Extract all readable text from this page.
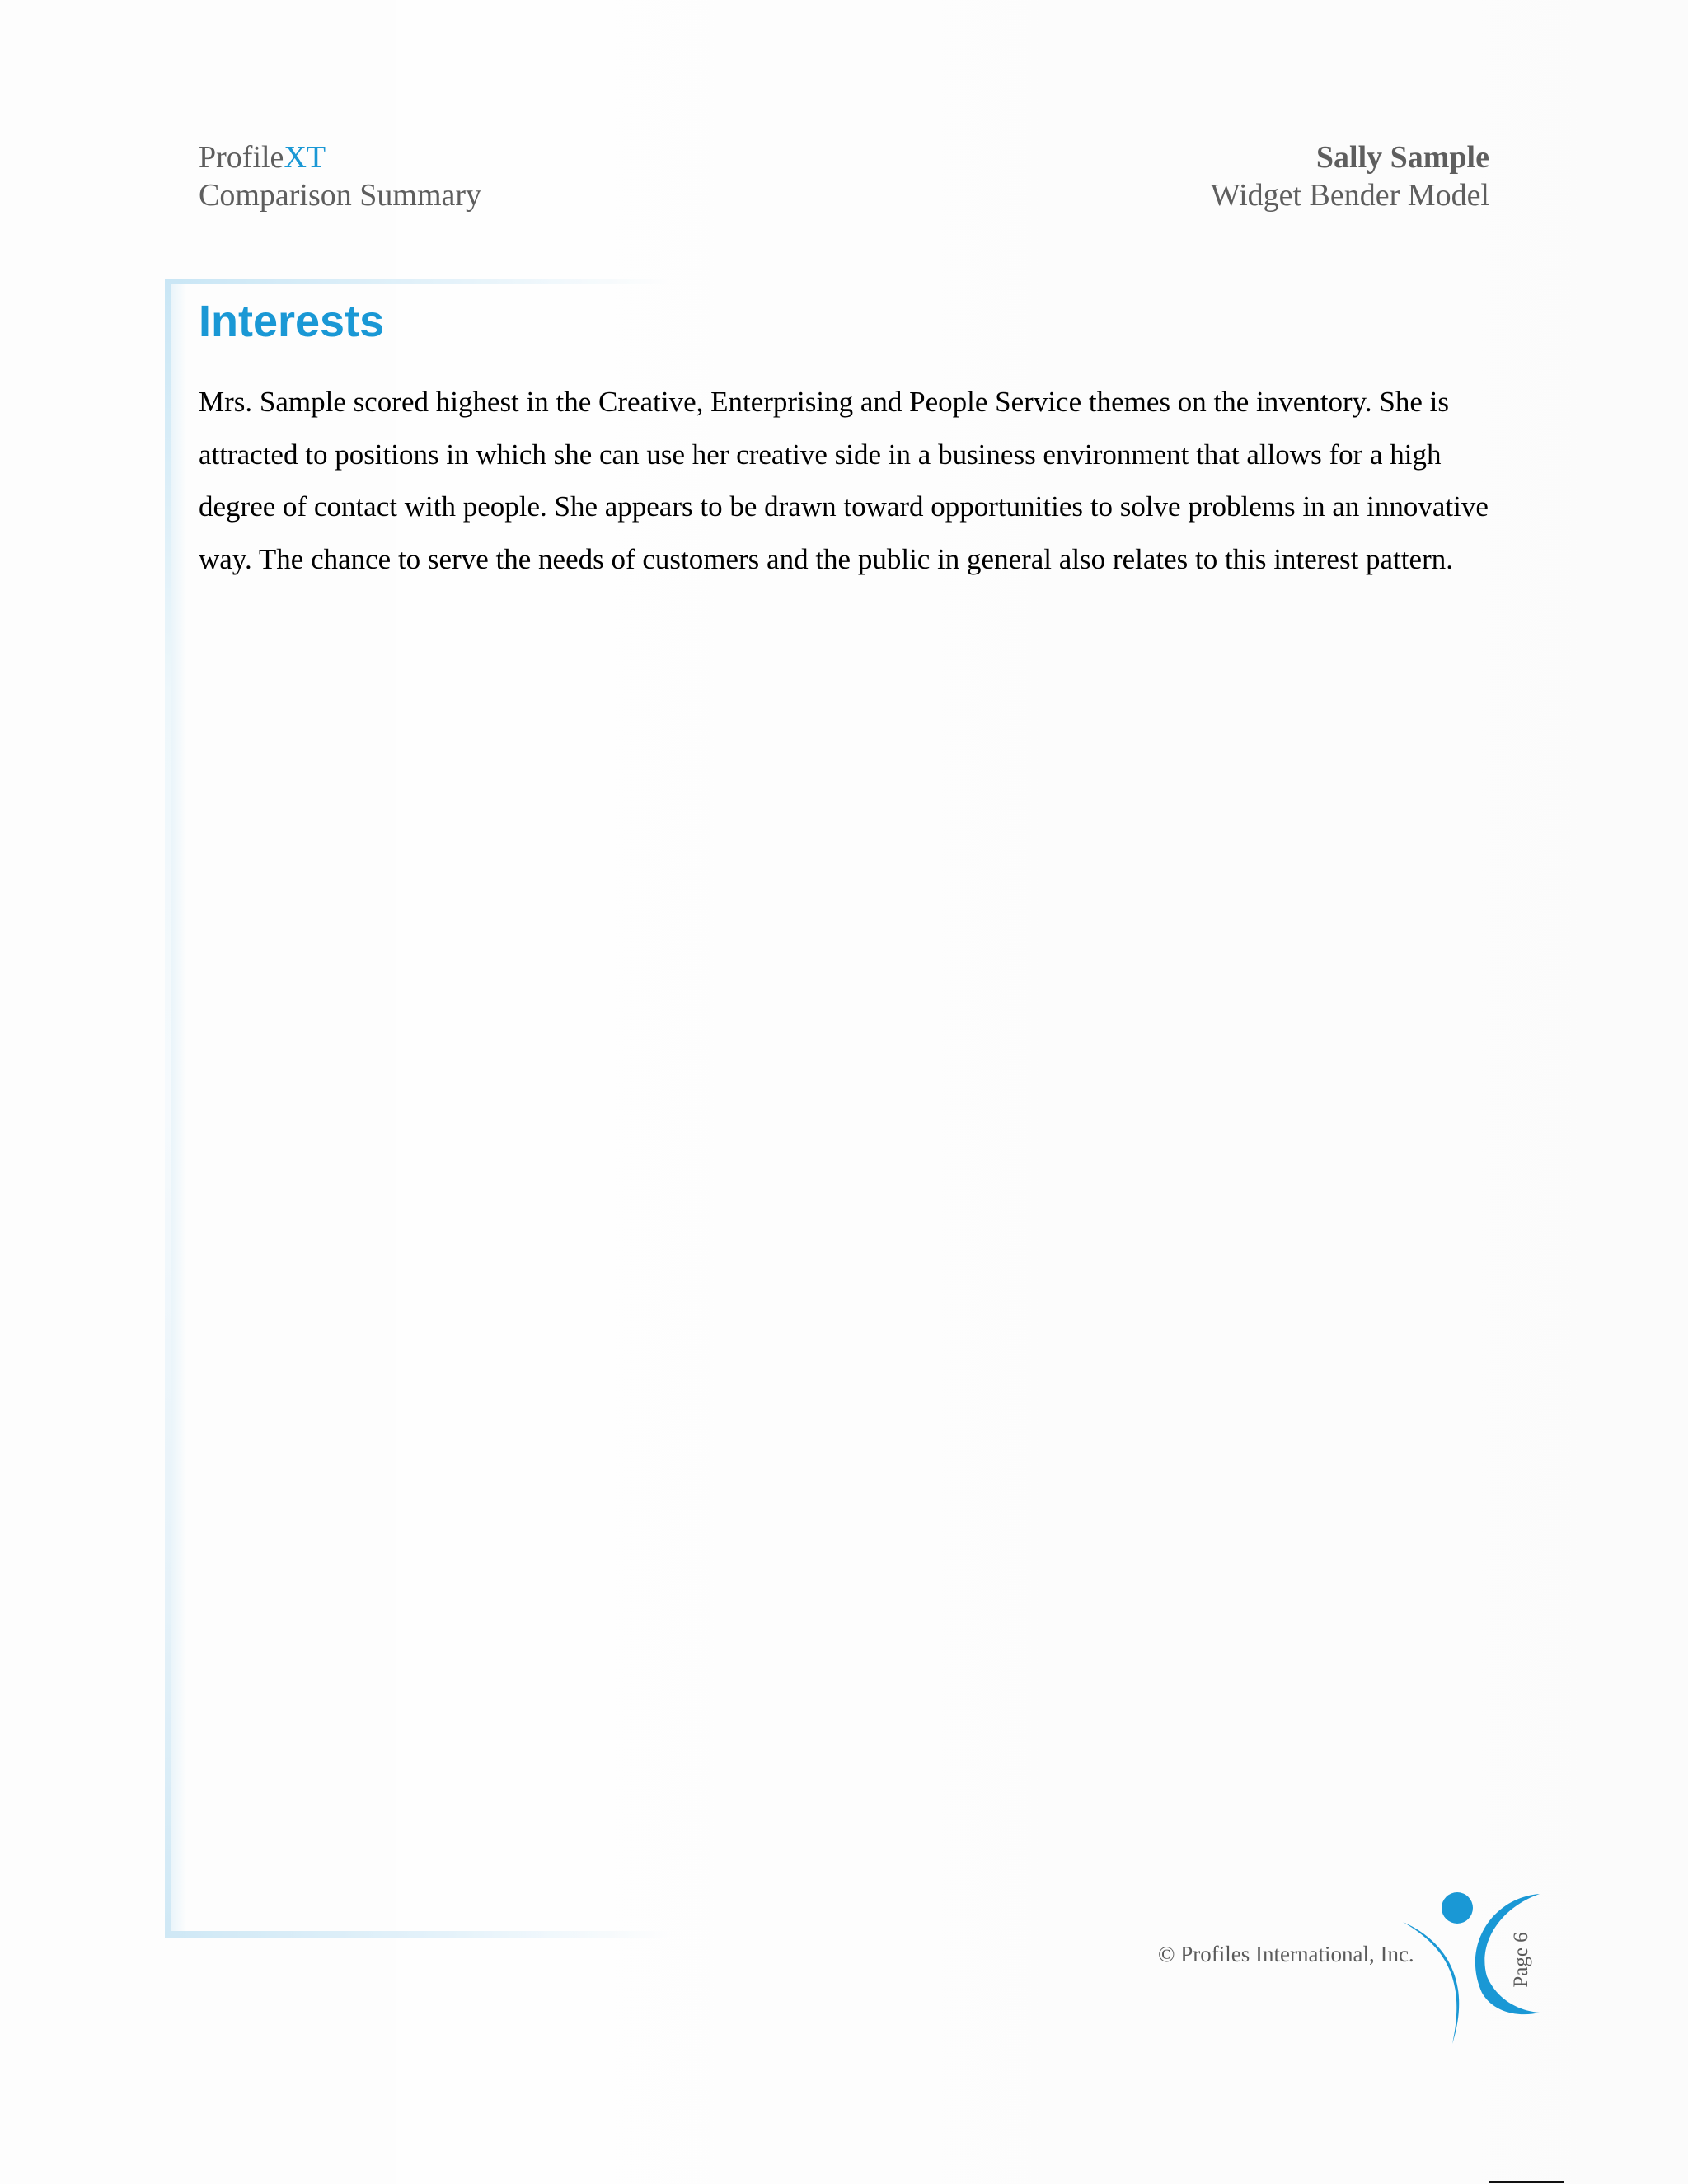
ProfileXT
Comparison Summary
Sally Sample
Widget Bender Model
Interests

Mrs. Sample scored highest in the Creative, Enterprising and People Service themes on the inventory. She is attracted to positions in which she can use her creative side in a business environment that allows for a high degree of contact with people. She appears to be drawn toward opportunities to solve problems in an innovative way. The chance to serve the needs of customers and the public in general also relates to this interest pattern.

© Profiles International, Inc.	Page 6
